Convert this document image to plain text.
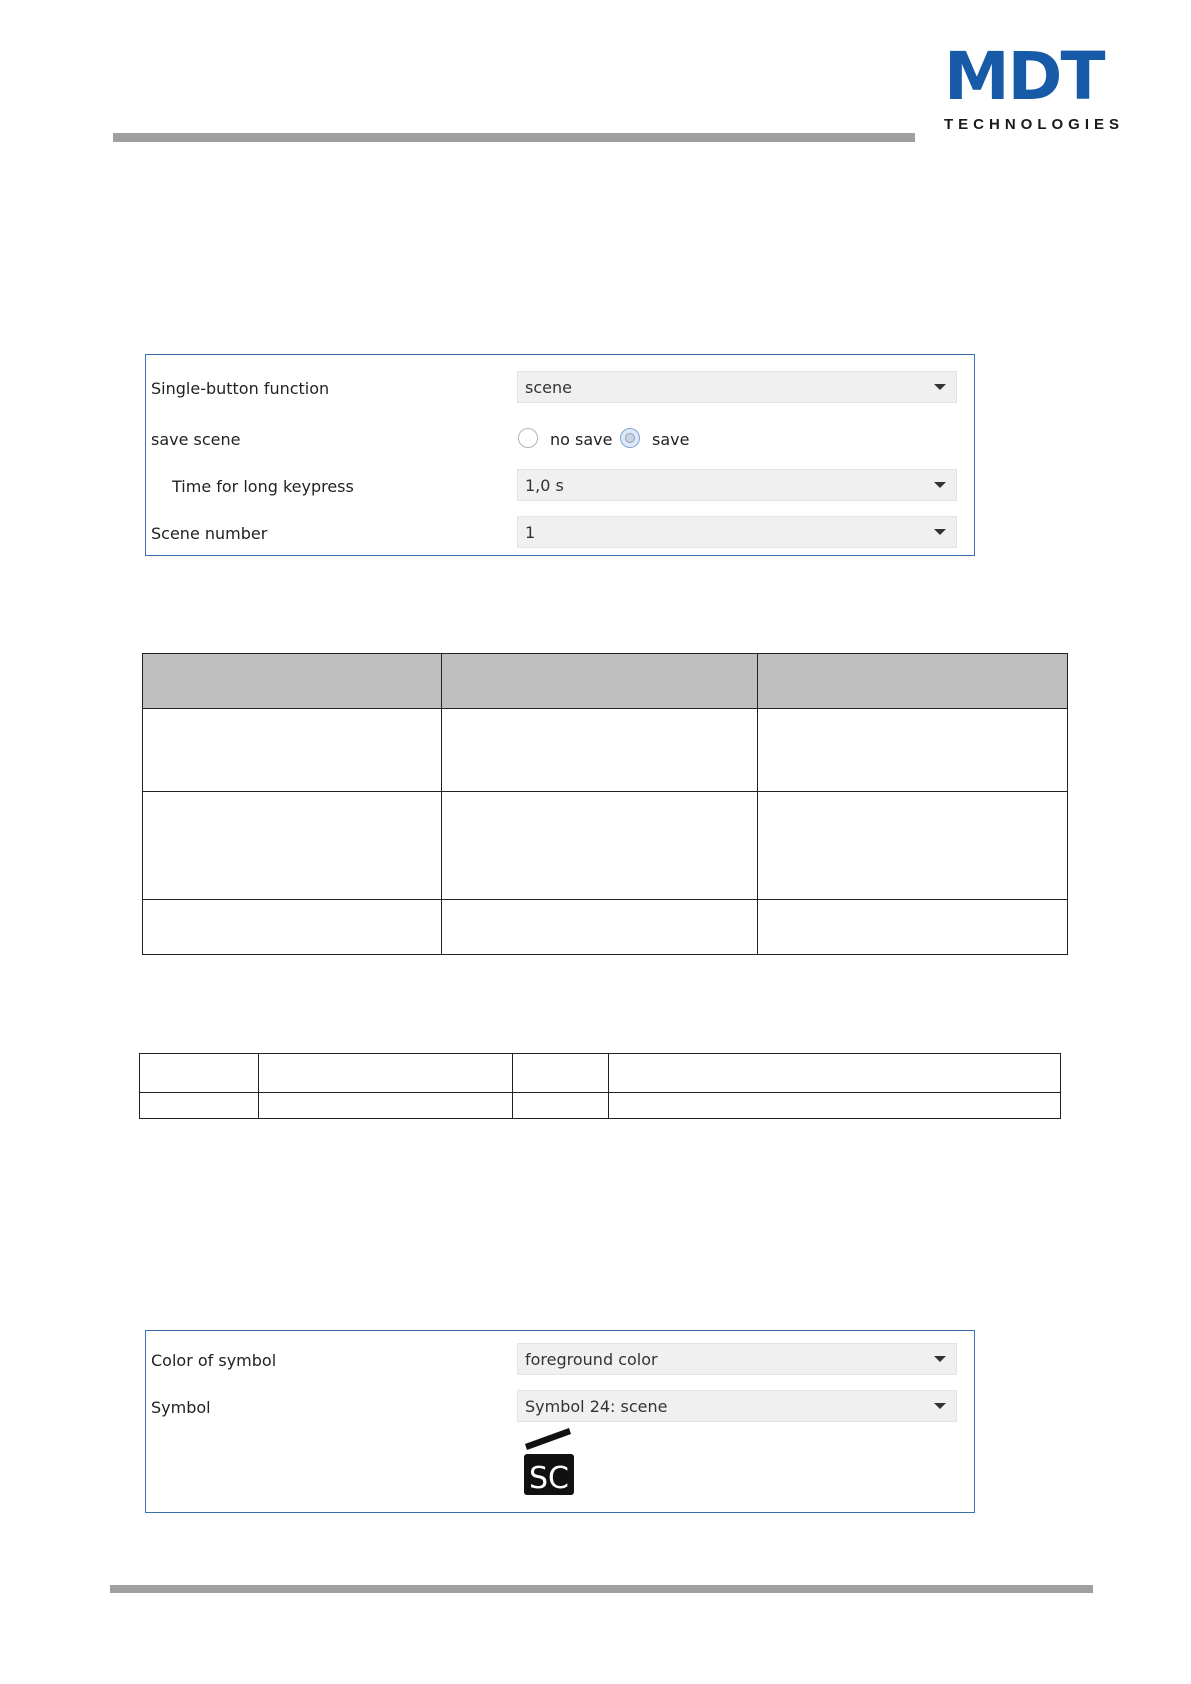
MDT
TECHNOLOGIES
Single-button function	scene
save scene	no save save
Time for long keypress	1,0 s
Scene number	1

Color of symbol	foreground color
Symbol	Symbol 24: scene
SC
